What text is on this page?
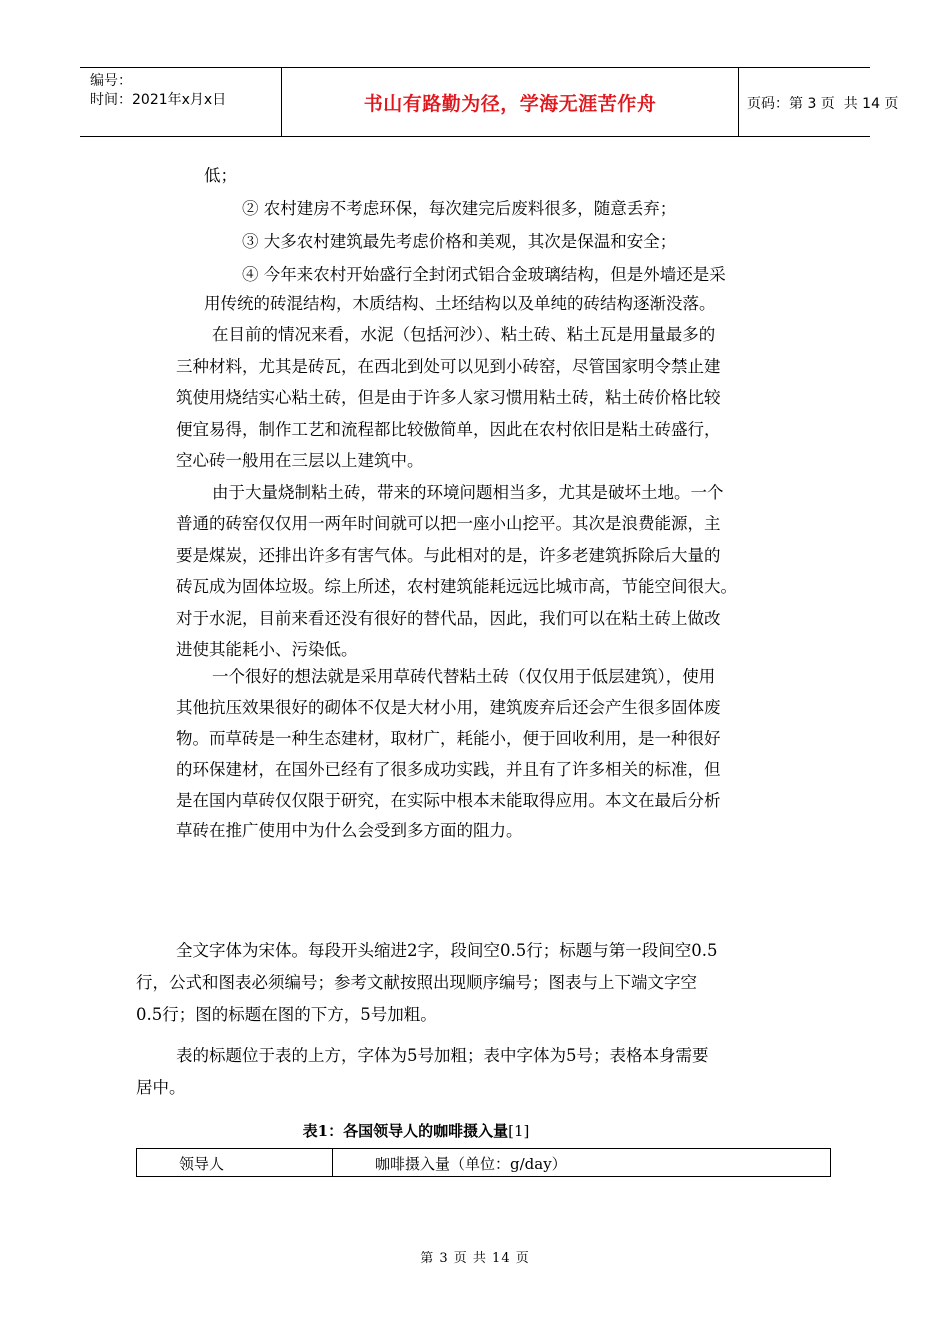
编号：
时间：2021年x月x日	书山有路勤为径，学海无涯苦作舟	页码：第 3 页  共 14 页
低；
② 农村建房不考虑环保，每次建完后废料很多，随意丢弃；
③ 大多农村建筑最先考虑价格和美观，其次是保温和安全；
④ 今年来农村开始盛行全封闭式铝合金玻璃结构，但是外墙还是采
用传统的砖混结构，木质结构、土坯结构以及单纯的砖结构逐渐没落。
在目前的情况来看，水泥（包括河沙）、粘土砖、粘土瓦是用量最多的
三种材料，尤其是砖瓦，在西北到处可以见到小砖窑，尽管国家明令禁止建
筑使用烧结实心粘土砖，但是由于许多人家习惯用粘土砖，粘土砖价格比较
便宜易得，制作工艺和流程都比较傲简单，因此在农村依旧是粘土砖盛行，
空心砖一般用在三层以上建筑中。
由于大量烧制粘土砖，带来的环境问题相当多，尤其是破坏土地。一个
普通的砖窑仅仅用一两年时间就可以把一座小山挖平。其次是浪费能源，主
要是煤炭，还排出许多有害气体。与此相对的是，许多老建筑拆除后大量的
砖瓦成为固体垃圾。综上所述，农村建筑能耗远远比城市高，节能空间很大。
对于水泥，目前来看还没有很好的替代品，因此，我们可以在粘土砖上做改
进使其能耗小、污染低。
一个很好的想法就是采用草砖代替粘土砖（仅仅用于低层建筑），使用
其他抗压效果很好的砌体不仅是大材小用，建筑废弃后还会产生很多固体废
物。而草砖是一种生态建材，取材广，耗能小，便于回收利用，是一种很好
的环保建材，在国外已经有了很多成功实践，并且有了许多相关的标准，但
是在国内草砖仅仅限于研究，在实际中根本未能取得应用。本文在最后分析
草砖在推广使用中为什么会受到多方面的阻力。
全文字体为宋体。每段开头缩进2字，段间空0.5行；标题与第一段间空0.5
行，公式和图表必须编号；参考文献按照出现顺序编号；图表与上下端文字空
0.5行；图的标题在图的下方，5号加粗。
表的标题位于表的上方，字体为5号加粗；表中字体为5号；表格本身需要
居中。
表1：各国领导人的咖啡摄入量[1]
领导人	咖啡摄入量（单位：g/day）
第 3 页 共 14 页
